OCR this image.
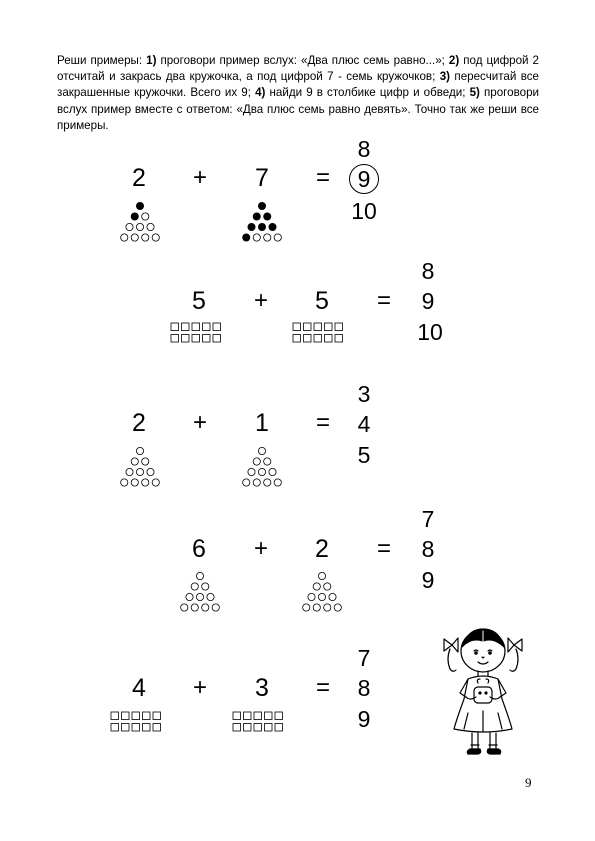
Реши примеры: 1) проговори пример вслух: «Два плюс семь равно...»; 2) под цифрой 2 отсчитай и закрась два кружочка, а под цифрой 7 - семь кружочков; 3) пересчитай все закрашенные кружочки. Всего их 9; 4) найди 9 в столбике цифр и обведи; 5) проговори вслух пример вместе с ответом: «Два плюс семь равно девять». Точно так же реши все примеры.
2	+	7	=
8
9
10
5	+	5	=
8
9
10
2	+	1	=
3
4
5
6	+	2	=
7
8
9
4	+	3	=
7
8
9
9
